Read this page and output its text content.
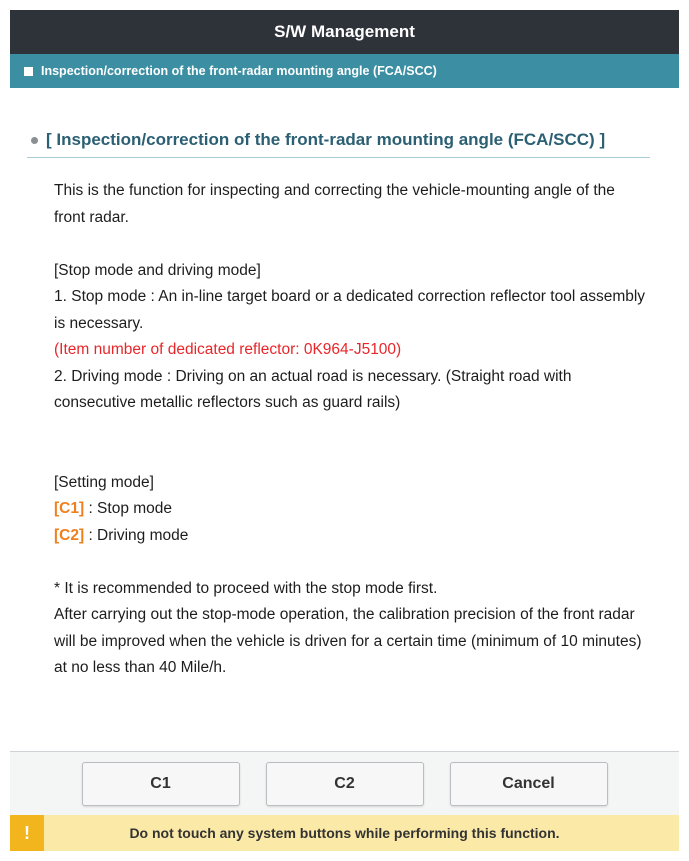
S/W Management
Inspection/correction of the front-radar mounting angle (FCA/SCC)
[ Inspection/correction of the front-radar mounting angle (FCA/SCC) ]

This is the function for inspecting and correcting the vehicle-mounting angle of the front radar.

[Stop mode and driving mode]

1. Stop mode : An in-line target board or a dedicated correction reflector tool assembly is necessary.

(Item number of dedicated reflector: 0K964-J5100)

2. Driving mode : Driving on an actual road is necessary. (Straight road with consecutive metallic reflectors such as guard rails)

[Setting mode]

[C1] : Stop mode

[C2] : Driving mode

* It is recommended to proceed with the stop mode first.

After carrying out the stop-mode operation, the calibration precision of the front radar will be improved when the vehicle is driven for a certain time (minimum of 10 minutes) at no less than 40 Mile/h.

C1	C2	Cancel
!	Do not touch any system buttons while performing this function.
